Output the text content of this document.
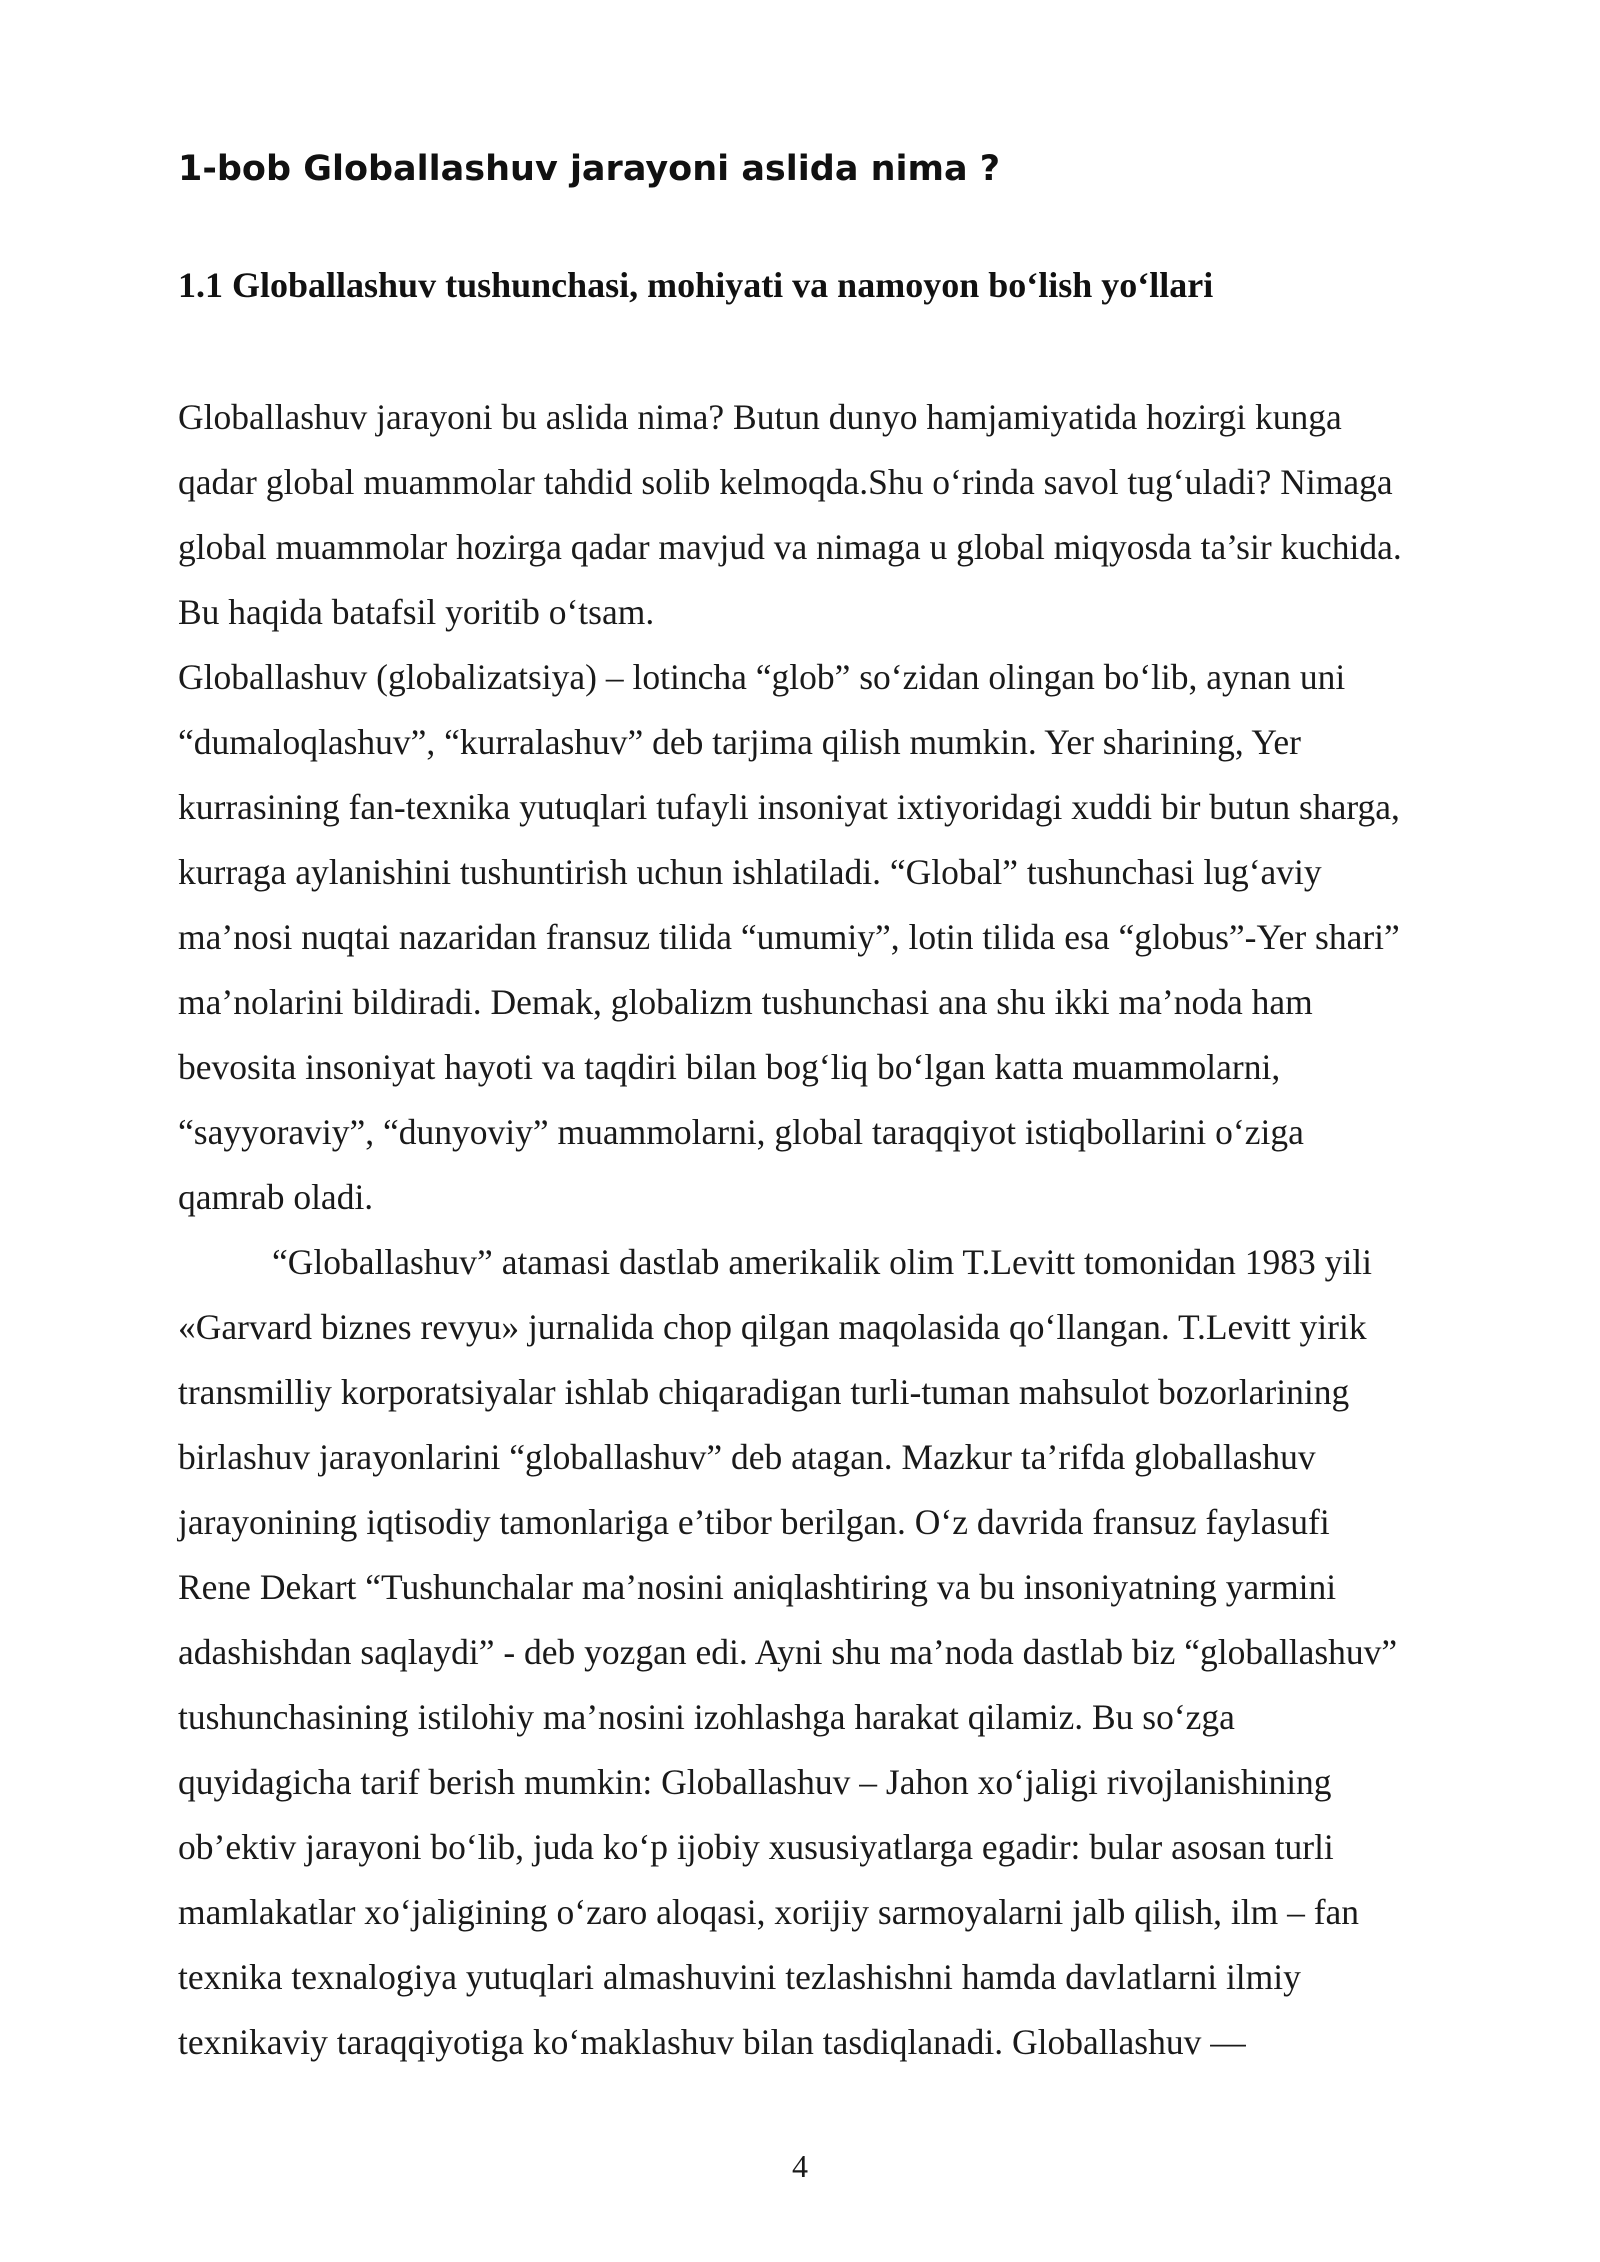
1-bob Globallashuv jarayoni aslida nima ?
1.1 Globallashuv tushunchasi, mohiyati va namoyon bo‘lish yo‘llari

Globallashuv jarayoni bu aslida nima? Butun dunyo hamjamiyatida hozirgi kunga

qadar global muammolar tahdid solib kelmoqda.Shu o‘rinda savol tug‘uladi? Nimaga

global muammolar hozirga qadar mavjud va nimaga u global miqyosda ta’sir kuchida.

Bu haqida batafsil yoritib o‘tsam.

Globallashuv (globalizatsiya) – lotincha “glob” so‘zidan olingan bo‘lib, aynan uni

“dumaloqlashuv”, “kurralashuv” deb tarjima qilish mumkin. Yer sharining, Yer

kurrasining fan-texnika yutuqlari tufayli insoniyat ixtiyoridagi xuddi bir butun sharga,

kurraga aylanishini tushuntirish uchun ishlatiladi. “Global” tushunchasi lug‘aviy

ma’nosi nuqtai nazaridan fransuz tilida “umumiy”, lotin tilida esa “globus”-Yer shari”

ma’nolarini bildiradi. Demak, globalizm tushunchasi ana shu ikki ma’noda ham

bevosita insoniyat hayoti va taqdiri bilan bog‘liq bo‘lgan katta muammolarni,

“sayyoraviy”, “dunyoviy” muammolarni, global taraqqiyot istiqbollarini o‘ziga

qamrab oladi.

“Globallashuv” atamasi dastlab amerikalik olim T.Levitt tomonidan 1983 yili

«Garvard biznes revyu» jurnalida chop qilgan maqolasida qo‘llangan. T.Levitt yirik

transmilliy korporatsiyalar ishlab chiqaradigan turli-tuman mahsulot bozorlarining

birlashuv jarayonlarini “globallashuv” deb atagan. Mazkur ta’rifda globallashuv

jarayonining iqtisodiy tamonlariga e’tibor berilgan. O‘z davrida fransuz faylasufi

Rene Dekart “Tushunchalar ma’nosini aniqlashtiring va bu insoniyatning yarmini

adashishdan saqlaydi” - deb yozgan edi. Ayni shu ma’noda dastlab biz “globallashuv”

tushunchasining istilohiy ma’nosini izohlashga harakat qilamiz. Bu so‘zga

quyidagicha tarif berish mumkin: Globallashuv – Jahon xo‘jaligi rivojlanishining

ob’ektiv jarayoni bo‘lib, juda ko‘p ijobiy xususiyatlarga egadir: bular asosan turli

mamlakatlar xo‘jaligining o‘zaro aloqasi, xorijiy sarmoyalarni jalb qilish, ilm – fan

texnika texnalogiya yutuqlari almashuvini tezlashishni hamda davlatlarni ilmiy

texnikaviy taraqqiyotiga ko‘maklashuv bilan tasdiqlanadi. Globallashuv —

4
